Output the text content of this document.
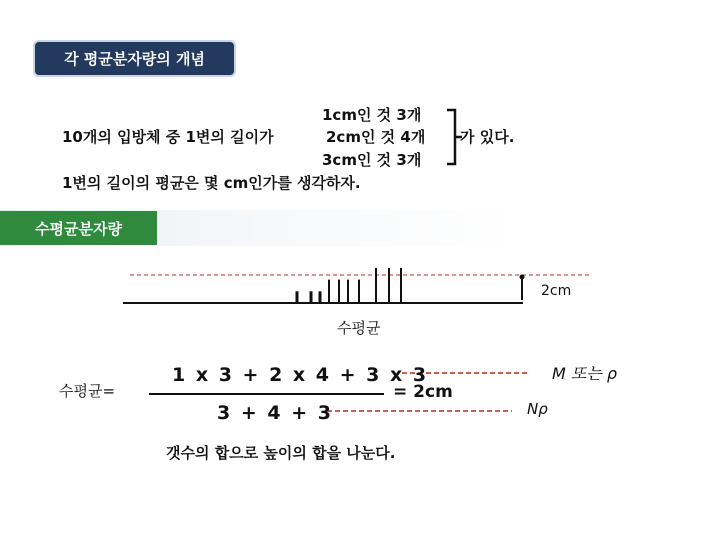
각 평균분자량의 개념
1cm인 것 3개
10개의 입방체 중 1변의 길이가	2cm인 것 4개 가 있다.
3cm인 것 3개
1변의 길이의 평균은 몇 cm인가를 생각하자.
수평균분자량
2cm
수평균
수평균=
1 x 3 + 2 x 4 + 3 x 3
3 + 4 + 3
= 2cm
M 또는 ρ
Nρ
갯수의 합으로 높이의 합을 나눈다.
